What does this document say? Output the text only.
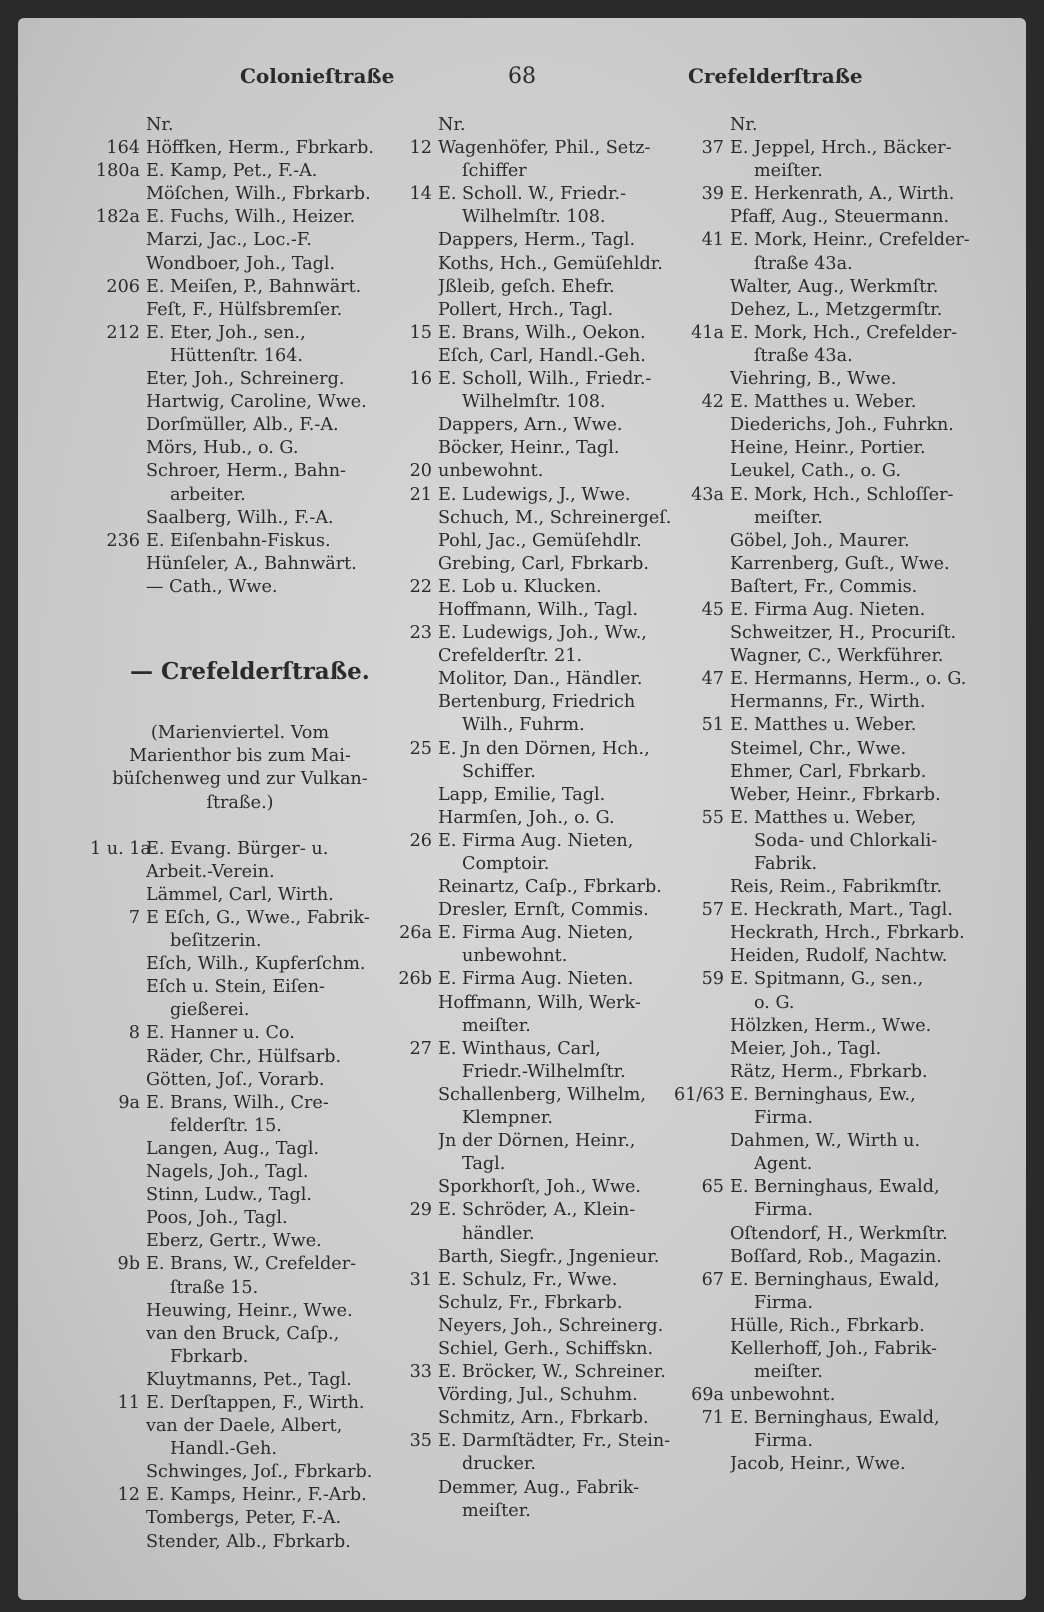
Colonieſtraße	68	Crefelderſtraße
Nr.
164 Höffken, Herm., Fbrkarb.
180a E. Kamp, Pet., F.-A.
Möſchen, Wilh., Fbrkarb.
182a E. Fuchs, Wilh., Heizer.
Marzi, Jac., Loc.-F.
Wondboer, Joh., Tagl.
206 E. Meiſen, P., Bahnwärt.
Feſt, F., Hülfsbremſer.
212 E. Eter, Joh., sen.,
Hüttenſtr. 164.
Eter, Joh., Schreinerg.
Hartwig, Caroline, Wwe.
Dorſmüller, Alb., F.-A.
Mörs, Hub., o. G.
Schroer, Herm., Bahn-
arbeiter.
Saalberg, Wilh., F.-A.
236 E. Eiſenbahn-Fiskus.
Hünſeler, A., Bahnwärt.
— Cath., Wwe.
— Crefelderſtraße.
(Marienviertel. Vom
Marienthor bis zum Mai-
büſchenweg und zur Vulkan-
ſtraße.)
1 u. 1a
E. Evang. Bürger- u.
Arbeit.-Verein.
Lämmel, Carl, Wirth.
7 E Eſch, G., Wwe., Fabrik-
beſitzerin.
Eſch, Wilh., Kupferſchm.
Eſch u. Stein, Eiſen-
gießerei.
8 E. Hanner u. Co.
Räder, Chr., Hülfsarb.
Götten, Joſ., Vorarb.
9a E. Brans, Wilh., Cre-
felderſtr. 15.
Langen, Aug., Tagl.
Nagels, Joh., Tagl.
Stinn, Ludw., Tagl.
Poos, Joh., Tagl.
Eberz, Gertr., Wwe.
9b E. Brans, W., Crefelder-
ſtraße 15.
Heuwing, Heinr., Wwe.
van den Bruck, Caſp.,
Fbrkarb.
Kluytmanns, Pet., Tagl.
11 E. Derſtappen, F., Wirth.
van der Daele, Albert,
Handl.-Geh.
Schwinges, Joſ., Fbrkarb.
12 E. Kamps, Heinr., F.-Arb.
Tombergs, Peter, F.-A.
Stender, Alb., Fbrkarb.
Nr.
12 Wagenhöfer, Phil., Setz-
ſchiffer
14 E. Scholl. W., Friedr.-
Wilhelmſtr. 108.
Dappers, Herm., Tagl.
Koths, Hch., Gemüſehldr.
Jßleib, geſch. Ehefr.
Pollert, Hrch., Tagl.
15 E. Brans, Wilh., Oekon.
Eſch, Carl, Handl.-Geh.
16 E. Scholl, Wilh., Friedr.-
Wilhelmſtr. 108.
Dappers, Arn., Wwe.
Böcker, Heinr., Tagl.
20 unbewohnt.
21 E. Ludewigs, J., Wwe.
Schuch, M., Schreinergeſ.
Pohl, Jac., Gemüſehdlr.
Grebing, Carl, Fbrkarb.
22 E. Lob u. Klucken.
Hoffmann, Wilh., Tagl.
23 E. Ludewigs, Joh., Ww.,
Crefelderſtr. 21.
Molitor, Dan., Händler.
Bertenburg, Friedrich
Wilh., Fuhrm.
25 E. Jn den Dörnen, Hch.,
Schiffer.
Lapp, Emilie, Tagl.
Harmſen, Joh., o. G.
26 E. Firma Aug. Nieten,
Comptoir.
Reinartz, Caſp., Fbrkarb.
Dresler, Ernſt, Commis.
26a E. Firma Aug. Nieten,
unbewohnt.
26b E. Firma Aug. Nieten.
Hoffmann, Wilh, Werk-
meiſter.
27 E. Winthaus, Carl,
Friedr.-Wilhelmſtr.
Schallenberg, Wilhelm,
Klempner.
Jn der Dörnen, Heinr.,
Tagl.
Sporkhorſt, Joh., Wwe.
29 E. Schröder, A., Klein-
händler.
Barth, Siegfr., Jngenieur.
31 E. Schulz, Fr., Wwe.
Schulz, Fr., Fbrkarb.
Neyers, Joh., Schreinerg.
Schiel, Gerh., Schiffskn.
33 E. Bröcker, W., Schreiner.
Vörding, Jul., Schuhm.
Schmitz, Arn., Fbrkarb.
35 E. Darmſtädter, Fr., Stein-
drucker.
Demmer, Aug., Fabrik-
meiſter.
Nr.
37 E. Jeppel, Hrch., Bäcker-
meiſter.
39 E. Herkenrath, A., Wirth.
Pfaff, Aug., Steuermann.
41 E. Mork, Heinr., Crefelder-
ſtraße 43a.
Walter, Aug., Werkmſtr.
Dehez, L., Metzgermſtr.
41a E. Mork, Hch., Crefelder-
ſtraße 43a.
Viehring, B., Wwe.
42 E. Matthes u. Weber.
Diederichs, Joh., Fuhrkn.
Heine, Heinr., Portier.
Leukel, Cath., o. G.
43a E. Mork, Hch., Schloſſer-
meiſter.
Göbel, Joh., Maurer.
Karrenberg, Guſt., Wwe.
Baſtert, Fr., Commis.
45 E. Firma Aug. Nieten.
Schweitzer, H., Procuriſt.
Wagner, C., Werkführer.
47 E. Hermanns, Herm., o. G.
Hermanns, Fr., Wirth.
51 E. Matthes u. Weber.
Steimel, Chr., Wwe.
Ehmer, Carl, Fbrkarb.
Weber, Heinr., Fbrkarb.
55 E. Matthes u. Weber,
Soda- und Chlorkali-
Fabrik.
Reis, Reim., Fabrikmſtr.
57 E. Heckrath, Mart., Tagl.
Heckrath, Hrch., Fbrkarb.
Heiden, Rudolf, Nachtw.
59 E. Spitmann, G., sen.,
o. G.
Hölzken, Herm., Wwe.
Meier, Joh., Tagl.
Rätz, Herm., Fbrkarb.
61/63 E. Berninghaus, Ew.,
Firma.
Dahmen, W., Wirth u.
Agent.
65 E. Berninghaus, Ewald,
Firma.
Oſtendorf, H., Werkmſtr.
Boſſard, Rob., Magazin.
67 E. Berninghaus, Ewald,
Firma.
Hülle, Rich., Fbrkarb.
Kellerhoff, Joh., Fabrik-
meiſter.
69a unbewohnt.
71 E. Berninghaus, Ewald,
Firma.
Jacob, Heinr., Wwe.
